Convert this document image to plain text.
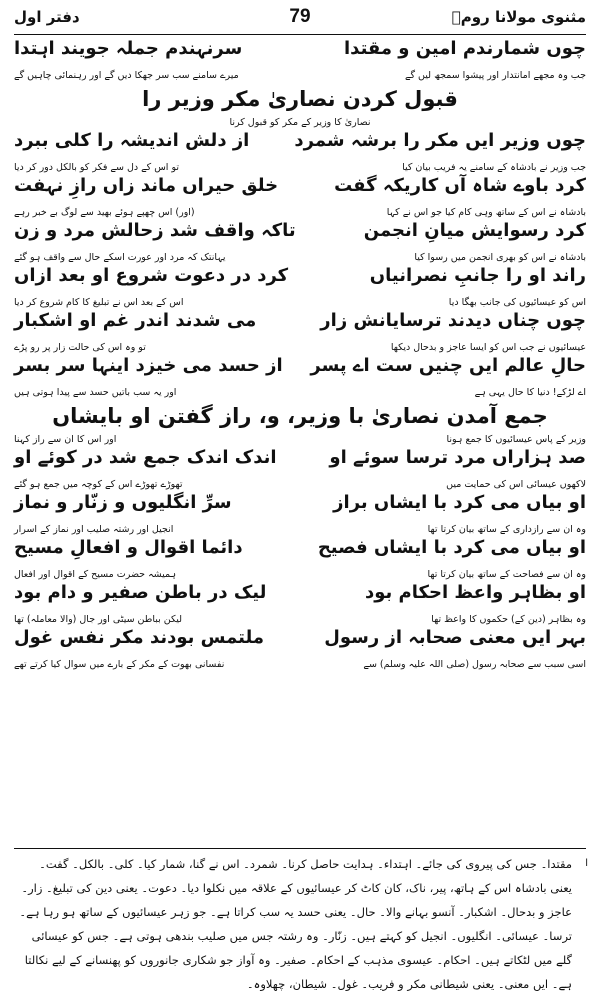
مثنوی مولانا رومؒ
79
دفتر اول
چوں شمارندم امین و مقتدا
سرنہندم جملہ جویند اہتدا
جب وہ مجھے امانتدار اور پیشوا سمجھ لیں گے
میرے سامنے سب سر جھکا دیں گے اور رہنمائی چاہیں گے
قبول کردن نصاریٰ مکر وزیر را
نصاریٰ کا وزیر کے مکر کو قبول کرنا
چوں وزیر ایں مکر را برشہ شمرد
از دلش اندیشہ را کلی ببرد
جب وزیر نے بادشاہ کے سامنے یہ فریب بیان کیا
تو اس کے دل سے فکر کو بالکل دور کر دیا
کرد باوے شاہ آں کاریکہ گفت
خلق حیراں ماند زاں رازِ نہفت
بادشاہ نے اس کے ساتھ وہی کام کیا جو اس نے کہا
(اور) اس چھپے ہوئے بھید سے لوگ بے خبر رہے
کرد رسوایش میانِ انجمن
تاکہ واقف شد زحالش مرد و زن
بادشاہ نے اس کو بھری انجمن میں رسوا کیا
یہانتک کہ مرد اور عورت اسکے حال سے واقف ہو گئے
راند او را جانبِ نصرانیاں
کرد در دعوت شروع او بعد ازاں
اس کو عیسائیوں کی جانب بھگا دیا
اس کے بعد اس نے تبلیغ کا کام شروع کر دیا
چوں چناں دیدند ترسایانش زار
می شدند اندر غم او اشکبار
عیسائیوں نے جب اس کو ایسا عاجز و بدحال دیکھا
تو وہ اس کی حالت زار پر رو پڑے
حالِ عالم ایں چنیں ست اے پسر
از حسد می خیزد اینہا سر بسر
اے لڑکے! دنیا کا حال یہی ہے
اور یہ سب باتیں حسد سے پیدا ہوتی ہیں
جمع آمدن نصاریٰ با وزیر، و، راز گفتن او بایشاں
وزیر کے پاس عیسائیوں کا جمع ہونا
اور اس کا ان سے راز کہنا
صد ہزاراں مرد ترسا سوئے او
اندک اندک جمع شد در کوئے او
لاکھوں عیسائی اس کی حمایت میں
تھوڑے تھوڑے اس کے کوچہ میں جمع ہو گئے
او بیاں می کرد با ایشاں براز
سرِّ انگلیوں و زنّار و نماز
وہ ان سے رازداری کے ساتھ بیان کرتا تھا
انجیل اور رشتہ صلیب اور نماز کے اسرار
او بیاں می کرد با ایشاں فصیح
دائما اقوال و افعالِ مسیح
وہ ان سے فصاحت کے ساتھ بیان کرتا تھا
ہمیشہ حضرت مسیح کے اقوال اور افعال
او بظاہر واعظ احکام بود
لیک در باطن صفیر و دام بود
وہ بظاہر (دین کے) حکموں کا واعظ تھا
لیکن بباطن سیٹی اور جال (والا معاملہ) تھا
بہر ایں معنی صحابہ از رسول
ملتمس بودند مکر نفس غول
اسی سبب سے صحابہ رسول (صلی اللہ علیہ وسلم) سے
نفسانی بھوت کے مکر کے بارے میں سوال کیا کرتے تھے
ا
مقتدا۔ جس کی پیروی کی جائے۔ اہتداء۔ ہدایت حاصل کرنا۔ شمرد۔ اس نے گنا، شمار کیا۔ کلی۔ بالکل۔ گفت۔ یعنی بادشاہ اس کے ہاتھ، پیر، ناک، کان کاٹ کر عیسائیوں کے علاقہ میں نکلوا دیا۔ دعوت۔ یعنی دین کی تبلیغ۔ زار۔ عاجز و بدحال۔ اشکبار۔ آنسو بہانے والا۔ حال۔ یعنی حسد یہ سب کراتا ہے۔ جو زہر عیسائیوں کے ساتھ ہو رہا ہے۔ ترسا۔ عیسائی۔ انگلیوں۔ انجیل کو کہتے ہیں۔ زنّار۔ وہ رشتہ جس میں صلیب بندھی ہوتی ہے۔ جس کو عیسائی گلے میں لٹکاتے ہیں۔ احکام۔ عیسوی مذہب کے احکام۔ صفیر۔ وہ آواز جو شکاری جانوروں کو پھنسانے کے لیے نکالتا ہے۔ ایں معنی۔ یعنی شیطانی مکر و فریب۔ غول۔ شیطان، چھلاوہ۔
